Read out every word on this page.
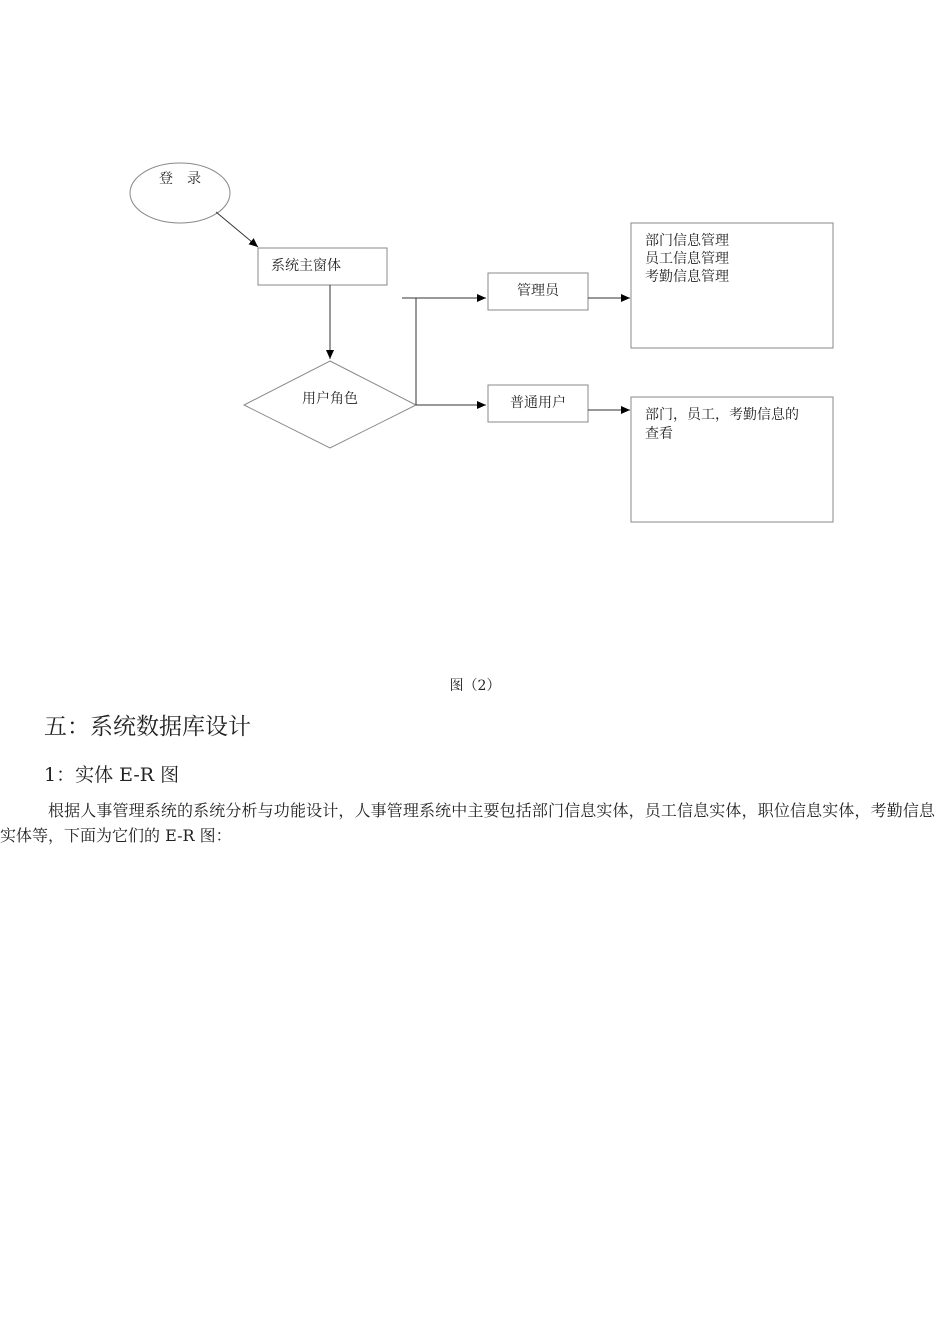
登　录
系统主窗体
用户角色
管理员
普通用户
部门信息管理
员工信息管理
考勤信息管理
部门，员工，考勤信息的
查看
图（2）
五：系统数据库设计
1：实体 E-R 图

根据人事管理系统的系统分析与功能设计，人事管理系统中主要包括部门信息实体，员工信息实体，职位信息实体，考勤信息实体等，下面为它们的 E-R 图：
